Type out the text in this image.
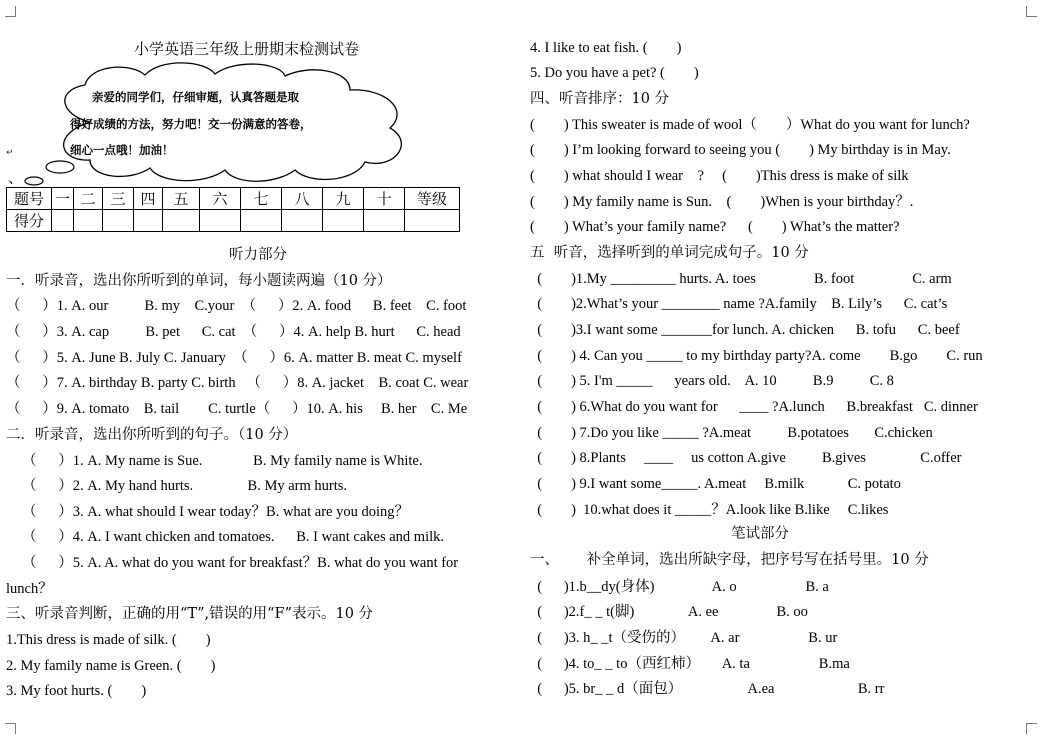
小学英语三年级上册期末检测试卷
亲爱的同学们，仔细审题，认真答题是取
得好成绩的方法，努力吧！交一份满意的答卷，
细心一点哦！加油！
↵
、
题号	一	二	三	四	五	六	七	八	九	十	等级
得分											
听力部分
一．听录音，选出你所听到的单词，每小题读两遍（10 分）
（      ）1. A. our          B. my    C.your  （      ）2. A. food      B. feet    C. foot
（      ）3. A. cap          B. pet      C. cat  （      ）4. A. help B. hurt      C. head
（      ）5. A. June B. July C. January  （      ）6. A. matter B. meat C. myself
（      ）7. A. birthday B. party C. birth   （      ）8. A. jacket    B. coat C. wear
（      ）9. A. tomato    B. tail        C. turtle（      ）10. A. his     B. her    C. Me
二．听录音，选出你所听到的句子。（10 分）
（      ）1. A. My name is Sue.              B. My family name is White.
（      ）2. A. My hand hurts.               B. My arm hurts.
（      ）3. A. what should I wear today？B. what are you doing？
（      ）4. A. I want chicken and tomatoes.      B. I want cakes and milk.
（      ）5. A. A. what do you want for breakfast？B. what do you want for
lunch？
三、听录音判断，正确的用“T”,错误的用“F”表示。10 分
1.This dress is made of silk. (        )
2. My family name is Green. (        )
3. My foot hurts. (        )
4. I like to eat fish. (        )
5. Do you have a pet? (        )
四、听音排序：10 分
(        ) This sweater is made of wool（        ）What do you want for lunch?
(        ) I’m looking forward to seeing you (        ) My birthday is in May.
(        ) what should I wear    ?     (        )This dress is make of silk
(        ) My family name is Sun.    (        )When is your birthday？.
(        ) What’s your family name?      (        ) What’s the matter?
五  听音，选择听到的单词完成句子。10 分
(        )1.My _________ hurts. A. toes                B. foot                C. arm
(        )2.What’s your ________ name ?A.family    B. Lily’s      C. cat’s
(        )3.I want some _______for lunch. A. chicken      B. tofu      C. beef
(        ) 4. Can you _____ to my birthday party?A. come        B.go        C. run
(        ) 5. I'm _____      years old.    A. 10          B.9          C. 8
(        ) 6.What do you want for      ____ ?A.lunch      B.breakfast   C. dinner
(        ) 7.Do you like _____ ?A.meat          B.potatoes       C.chicken
(        ) 8.Plants     ____     us cotton A.give          B.gives               C.offer
(        ) 9.I want some_____. A.meat     B.milk            C. potato
(        )  10.what does it _____？A.look like B.like     C.likes
笔试部分
一、      补全单词，选出所缺字母，把序号写在括号里。10 分
(      )1.b__dy(身体)                A. o                   B. a
(      )2.f_ _ t(脚)               A. ee                B. oo
(      )3. h_ _t（受伤的）       A. ar                   B. ur
(      )4. to_ _ to（西红柿）      A. ta                   B.ma
(      )5. br_ _ d（面包）                  A.ea                       B. rr
